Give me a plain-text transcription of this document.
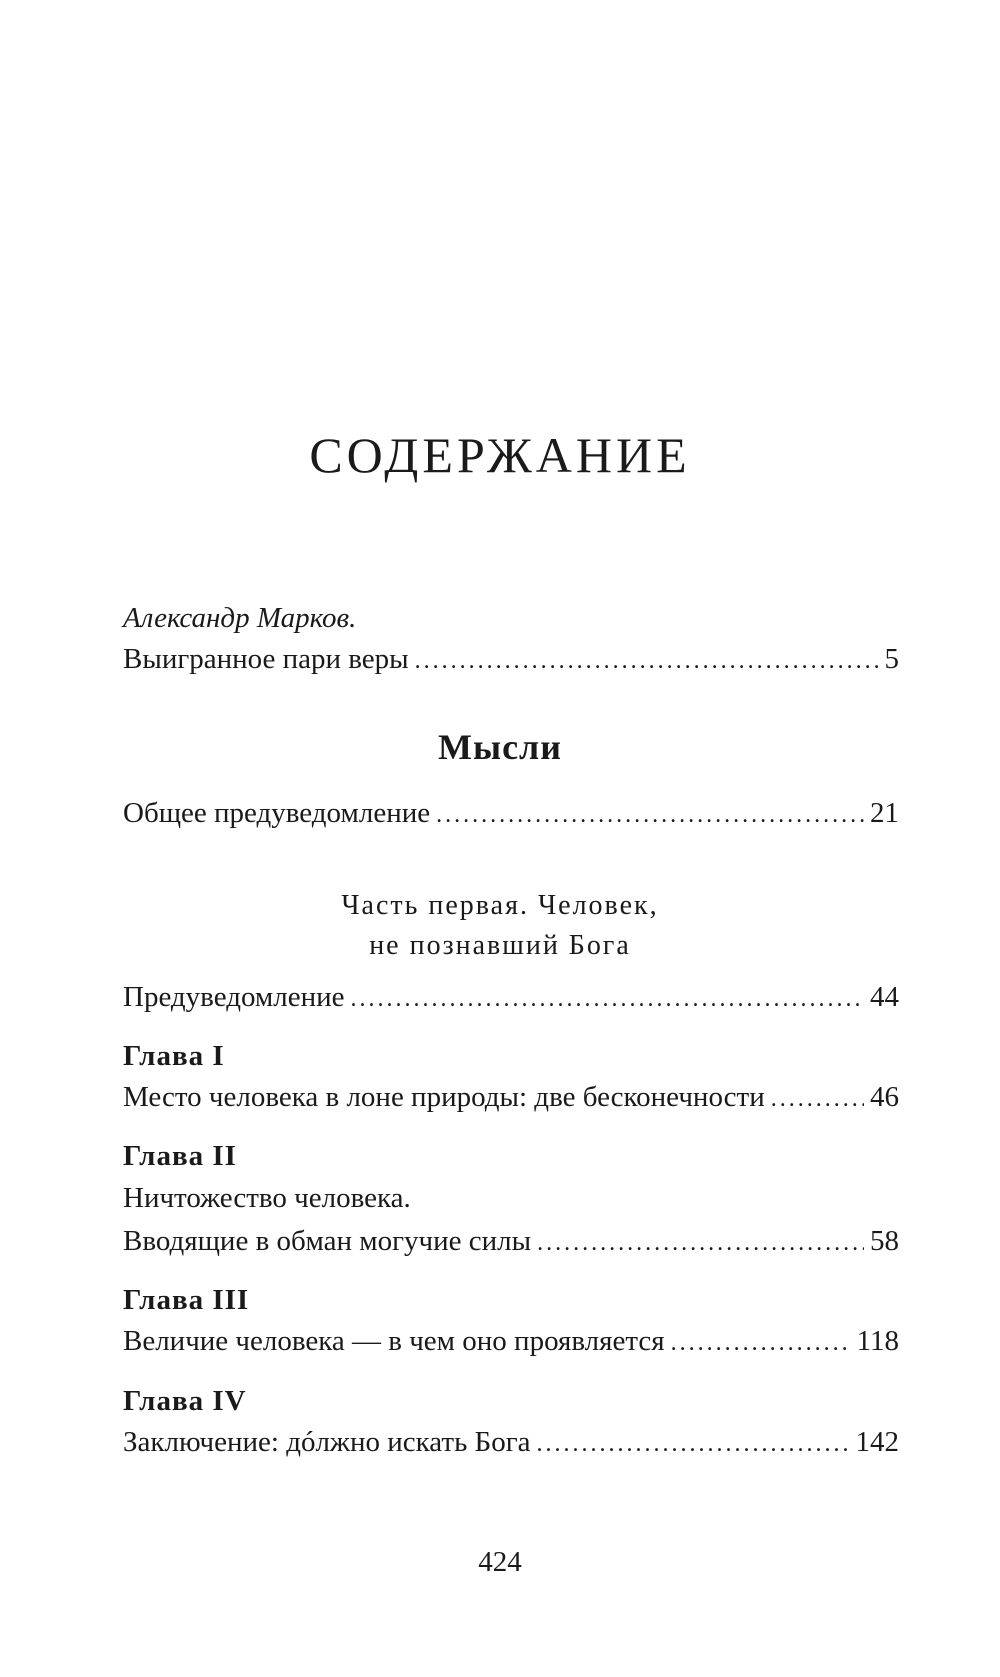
СОДЕРЖАНИЕ
Александр Марков.
Выигранное пари веры .....	5
Мысли
Общее предуведомление .....	21
Часть первая. Человек,
не познавший Бога
Предуведомление .....	44
Глава I
Место человека в лоне природы: две бесконечности .....	46
Глава II
Ничтожество человека.
Вводящие в обман могучие силы .....	58
Глава III
Величие человека — в чем оно проявляется .....	118
Глава IV
Заключение: дóлжно искать Бога .....	142
424
